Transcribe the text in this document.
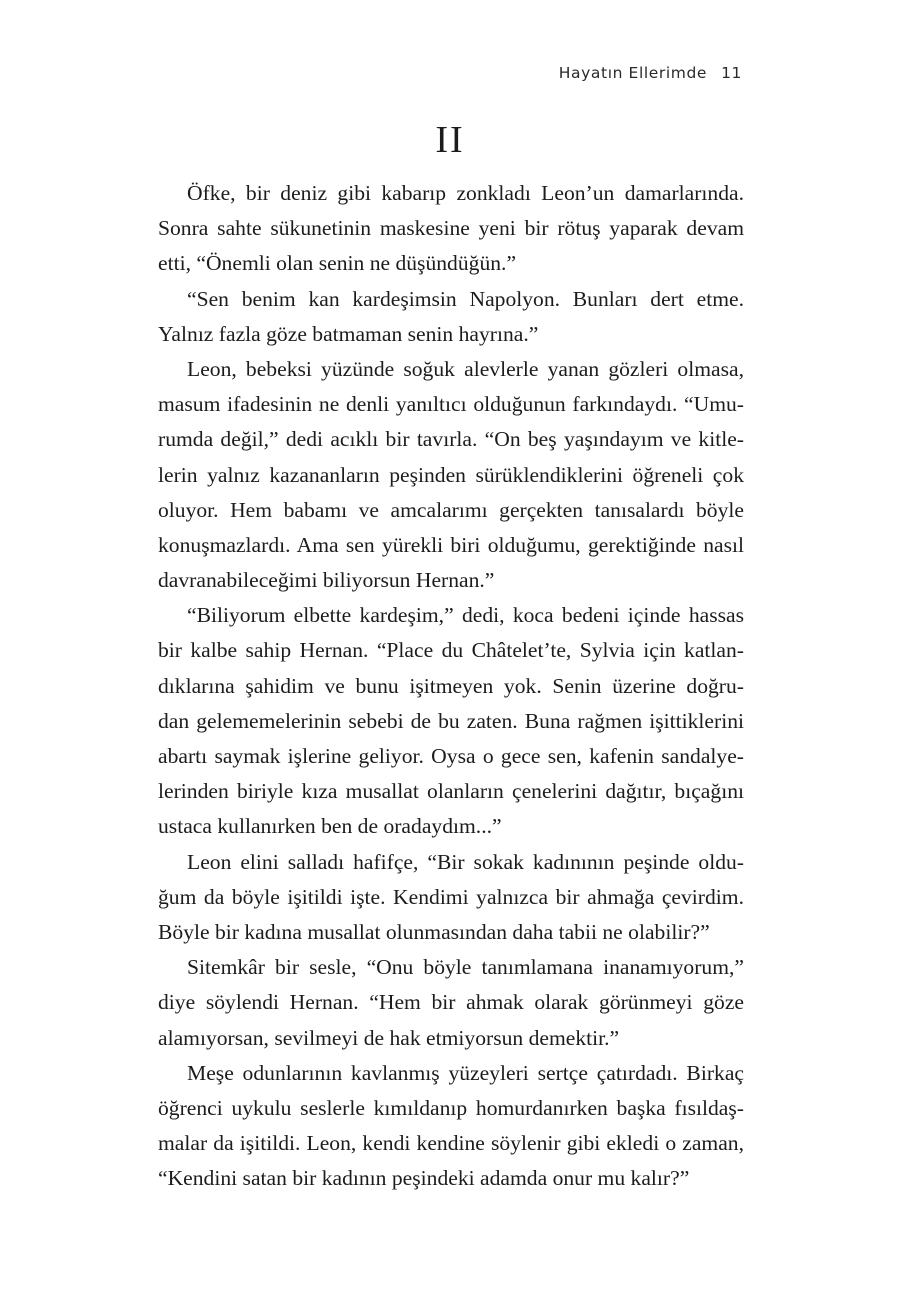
Hayatın Ellerimde 11
II
Öfke, bir deniz gibi kabarıp zonkladı Leon’un damarlarında.
Sonra sahte sükunetinin maskesine yeni bir rötuş yaparak devam
etti, “Önemli olan senin ne düşündüğün.”
“Sen benim kan kardeşimsin Napolyon. Bunları dert etme.
Yalnız fazla göze batmaman senin hayrına.”
Leon, bebeksi yüzünde soğuk alevlerle yanan gözleri olmasa,
masum ifadesinin ne denli yanıltıcı olduğunun farkındaydı. “Umu-
rumda değil,” dedi acıklı bir tavırla. “On beş yaşındayım ve kitle-
lerin yalnız kazananların peşinden sürüklendiklerini öğreneli çok
oluyor. Hem babamı ve amcalarımı gerçekten tanısalardı böyle
konuşmazlardı. Ama sen yürekli biri olduğumu, gerektiğinde nasıl
davranabileceğimi biliyorsun Hernan.”
“Biliyorum elbette kardeşim,” dedi, koca bedeni içinde hassas
bir kalbe sahip Hernan. “Place du Châtelet’te, Sylvia için katlan-
dıklarına şahidim ve bunu işitmeyen yok. Senin üzerine doğru-
dan gelememelerinin sebebi de bu zaten. Buna rağmen işittiklerini
abartı saymak işlerine geliyor. Oysa o gece sen, kafenin sandalye-
lerinden biriyle kıza musallat olanların çenelerini dağıtır, bıçağını
ustaca kullanırken ben de oradaydım...”
Leon elini salladı hafifçe, “Bir sokak kadınının peşinde oldu-
ğum da böyle işitildi işte. Kendimi yalnızca bir ahmağa çevirdim.
Böyle bir kadına musallat olunmasından daha tabii ne olabilir?”
Sitemkâr bir sesle, “Onu böyle tanımlamana inanamıyorum,”
diye söylendi Hernan. “Hem bir ahmak olarak görünmeyi göze
alamıyorsan, sevilmeyi de hak etmiyorsun demektir.”
Meşe odunlarının kavlanmış yüzeyleri sertçe çatırdadı. Birkaç
öğrenci uykulu seslerle kımıldanıp homurdanırken başka fısıldaş-
malar da işitildi. Leon, kendi kendine söylenir gibi ekledi o zaman,
“Kendini satan bir kadının peşindeki adamda onur mu kalır?”
